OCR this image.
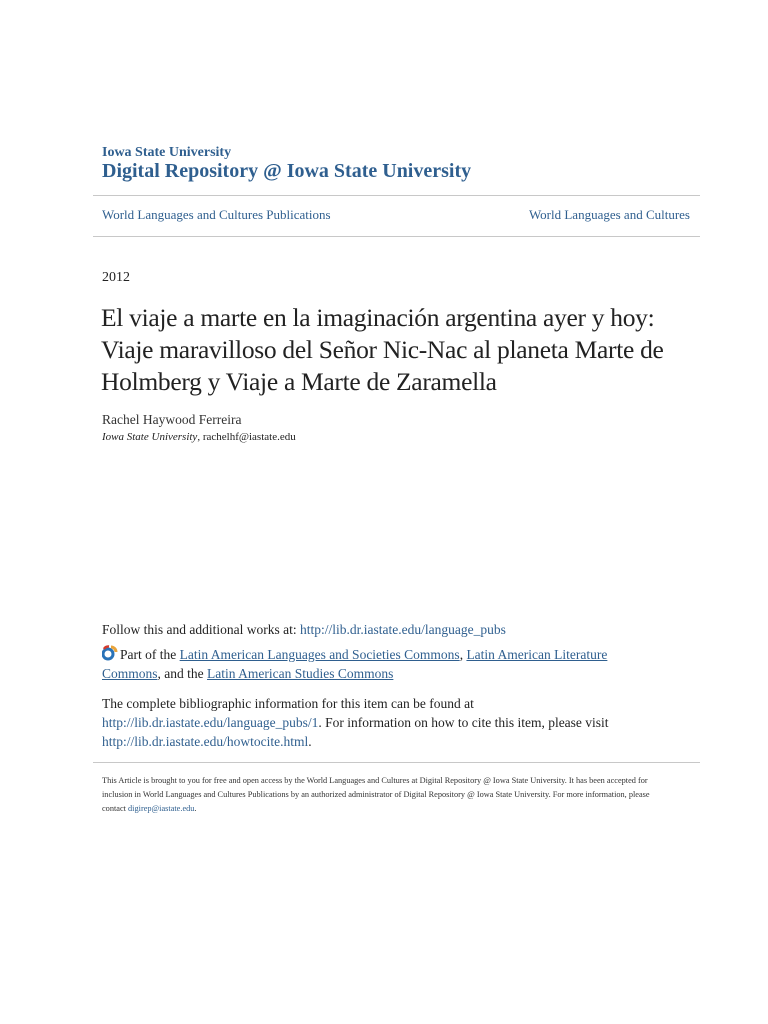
Iowa State University
Digital Repository @ Iowa State University
World Languages and Cultures Publications	World Languages and Cultures
2012
El viaje a marte en la imaginación argentina ayer y hoy: Viaje maravilloso del Señor Nic-Nac al planeta Marte de Holmberg y Viaje a Marte de Zaramella
Rachel Haywood Ferreira
Iowa State University, rachelhf@iastate.edu

Follow this and additional works at: http://lib.dr.iastate.edu/language_pubs

Part of the Latin American Languages and Societies Commons, Latin American Literature Commons, and the Latin American Studies Commons

The complete bibliographic information for this item can be found at http://lib.dr.iastate.edu/language_pubs/1. For information on how to cite this item, please visit http://lib.dr.iastate.edu/howtocite.html.

This Article is brought to you for free and open access by the World Languages and Cultures at Digital Repository @ Iowa State University. It has been accepted for inclusion in World Languages and Cultures Publications by an authorized administrator of Digital Repository @ Iowa State University. For more information, please contact digirep@iastate.edu.
